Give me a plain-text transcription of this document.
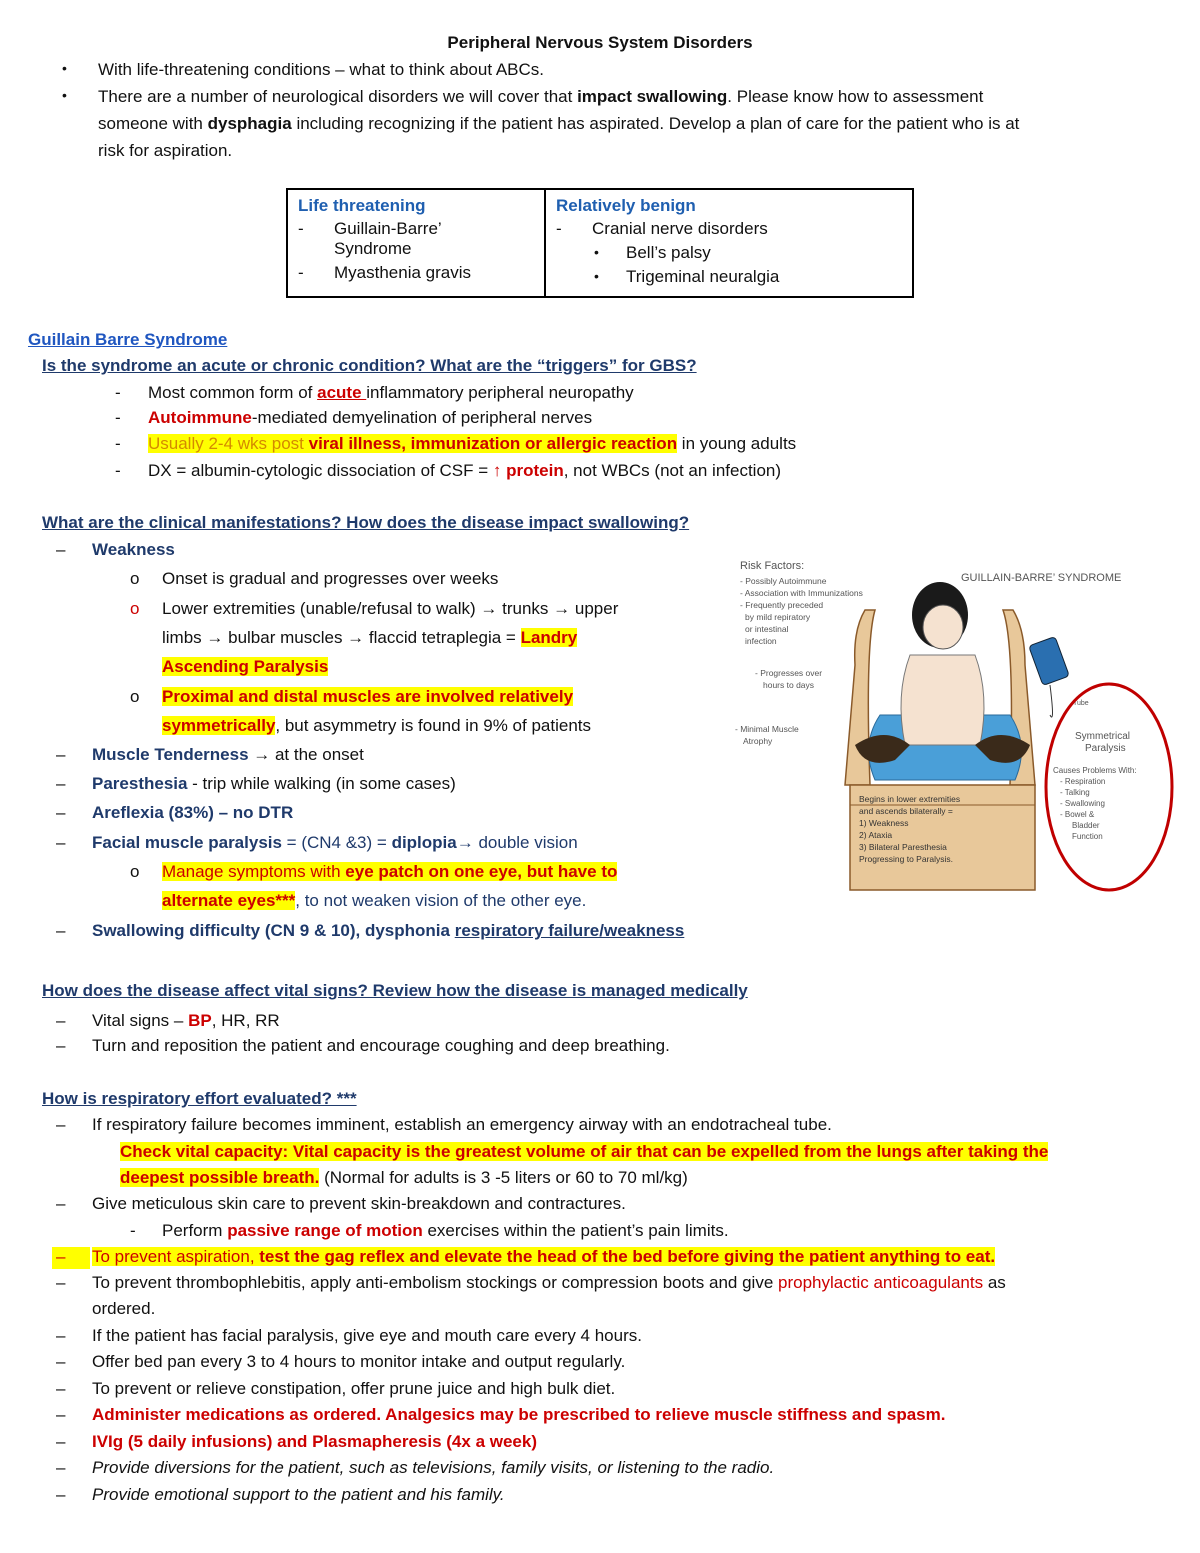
Peripheral Nervous System Disorders
• With life-threatening conditions – what to think about ABCs.
• There are a number of neurological disorders we will cover that impact swallowing. Please know how to assessment
someone with dysphagia including recognizing if the patient has aspirated. Develop a plan of care for the patient who is at
risk for aspiration.
Life threatening
- Guillain-Barre’
Syndrome
- Myasthenia gravis

Relatively benign
- Cranial nerve disorders
• Bell’s palsy
• Trigeminal neuralgia
Guillain Barre Syndrome
Is the syndrome an acute or chronic condition? What are the “triggers” for GBS?
- Most common form of acute inflammatory peripheral neuropathy
- Autoimmune-mediated demyelination of peripheral nerves
- Usually 2-4 wks post viral illness, immunization or allergic reaction in young adults
- DX = albumin-cytologic dissociation of CSF = ↑ protein, not WBCs (not an infection)
What are the clinical manifestations? How does the disease impact swallowing?
– Weakness
o Onset is gradual and progresses over weeks
o Lower extremities (unable/refusal to walk) → trunks → upper
limbs → bulbar muscles → flaccid tetraplegia = Landry
Ascending Paralysis
o Proximal and distal muscles are involved relatively
symmetrically, but asymmetry is found in 9% of patients
– Muscle Tenderness → at the onset
– Paresthesia - trip while walking (in some cases)
– Areflexia (83%) – no DTR
– Facial muscle paralysis = (CN4 &3) = diplopia→ double vision
o Manage symptoms with eye patch on one eye, but have to
alternate eyes***, to not weaken vision of the other eye.
– Swallowing difficulty (CN 9 & 10), dysphonia respiratory failure/weakness
Risk Factors:
- Possibly Autoimmune
- Association with Immunizations
- Frequently preceded
by mild repiratory
or intestinal
infection
- Progresses over
hours to days
- Minimal Muscle
Atrophy
GUILLAIN-BARRE’ SYNDROME
Tube
Begins in lower extremities
and ascends bilaterally =
1) Weakness
2) Ataxia
3) Bilateral Paresthesia
Progressing to Paralysis.
Symmetrical
Paralysis
Causes Problems With:
- Respiration
- Talking
- Swallowing
- Bowel &
Bladder
Function
How does the disease affect vital signs? Review how the disease is managed medically
– Vital signs – BP, HR, RR
– Turn and reposition the patient and encourage coughing and deep breathing.
How is respiratory effort evaluated? ***
– If respiratory failure becomes imminent, establish an emergency airway with an endotracheal tube.
Check vital capacity: Vital capacity is the greatest volume of air that can be expelled from the lungs after taking the
deepest possible breath. (Normal for adults is 3 -5 liters or 60 to 70 ml/kg)
– Give meticulous skin care to prevent skin-breakdown and contractures.
- Perform passive range of motion exercises within the patient’s pain limits.
– To prevent aspiration, test the gag reflex and elevate the head of the bed before giving the patient anything to eat.
– To prevent thrombophlebitis, apply anti-embolism stockings or compression boots and give prophylactic anticoagulants as
ordered.
– If the patient has facial paralysis, give eye and mouth care every 4 hours.
– Offer bed pan every 3 to 4 hours to monitor intake and output regularly.
– To prevent or relieve constipation, offer prune juice and high bulk diet.
– Administer medications as ordered. Analgesics may be prescribed to relieve muscle stiffness and spasm.
– IVIg (5 daily infusions) and Plasmapheresis (4x a week)
– Provide diversions for the patient, such as televisions, family visits, or listening to the radio.
– Provide emotional support to the patient and his family.
